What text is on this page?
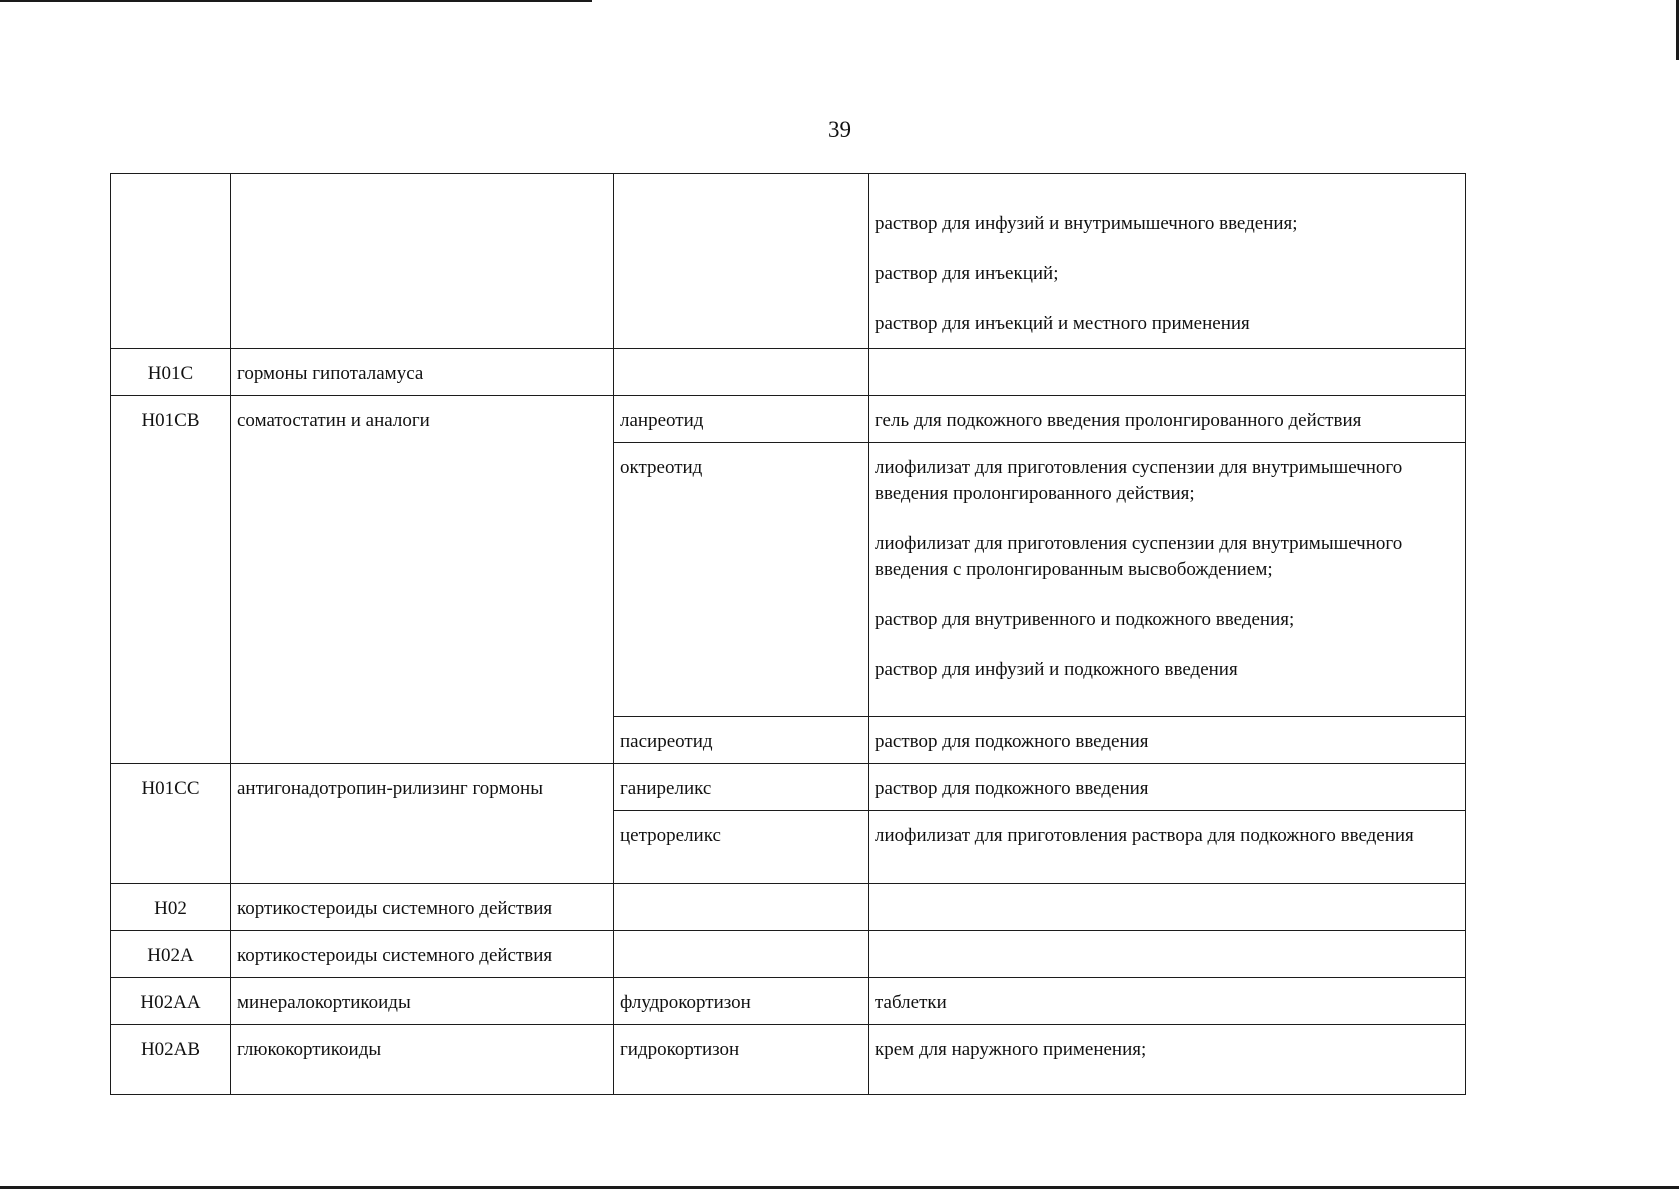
39

			раствор для инфузий и внутримышечного введения;
раствор для инъекций;
раствор для инъекций и местного применения

H01C	гормоны гипоталамуса		

H01CB	соматостатин и аналоги	ланреотид	гель для подкожного введения пролонгированного действия

		октреотид	лиофилизат для приготовления суспензии для внутримышечного введения пролонгированного действия;
лиофилизат для приготовления суспензии для внутримышечного введения с пролонгированным высвобождением;
раствор для внутривенного и подкожного введения;
раствор для инфузий и подкожного введения

		пасиреотид	раствор для подкожного введения

H01CC	антигонадотропин-рилизинг гормоны	ганиреликс	раствор для подкожного введения

		цетрореликс	лиофилизат для приготовления раствора для подкожного введения

H02	кортикостероиды системного действия		

H02A	кортикостероиды системного действия		

H02AA	минералокортикоиды	флудрокортизон	таблетки

H02AB	глюкокортикоиды	гидрокортизон	крем для наружного применения;
